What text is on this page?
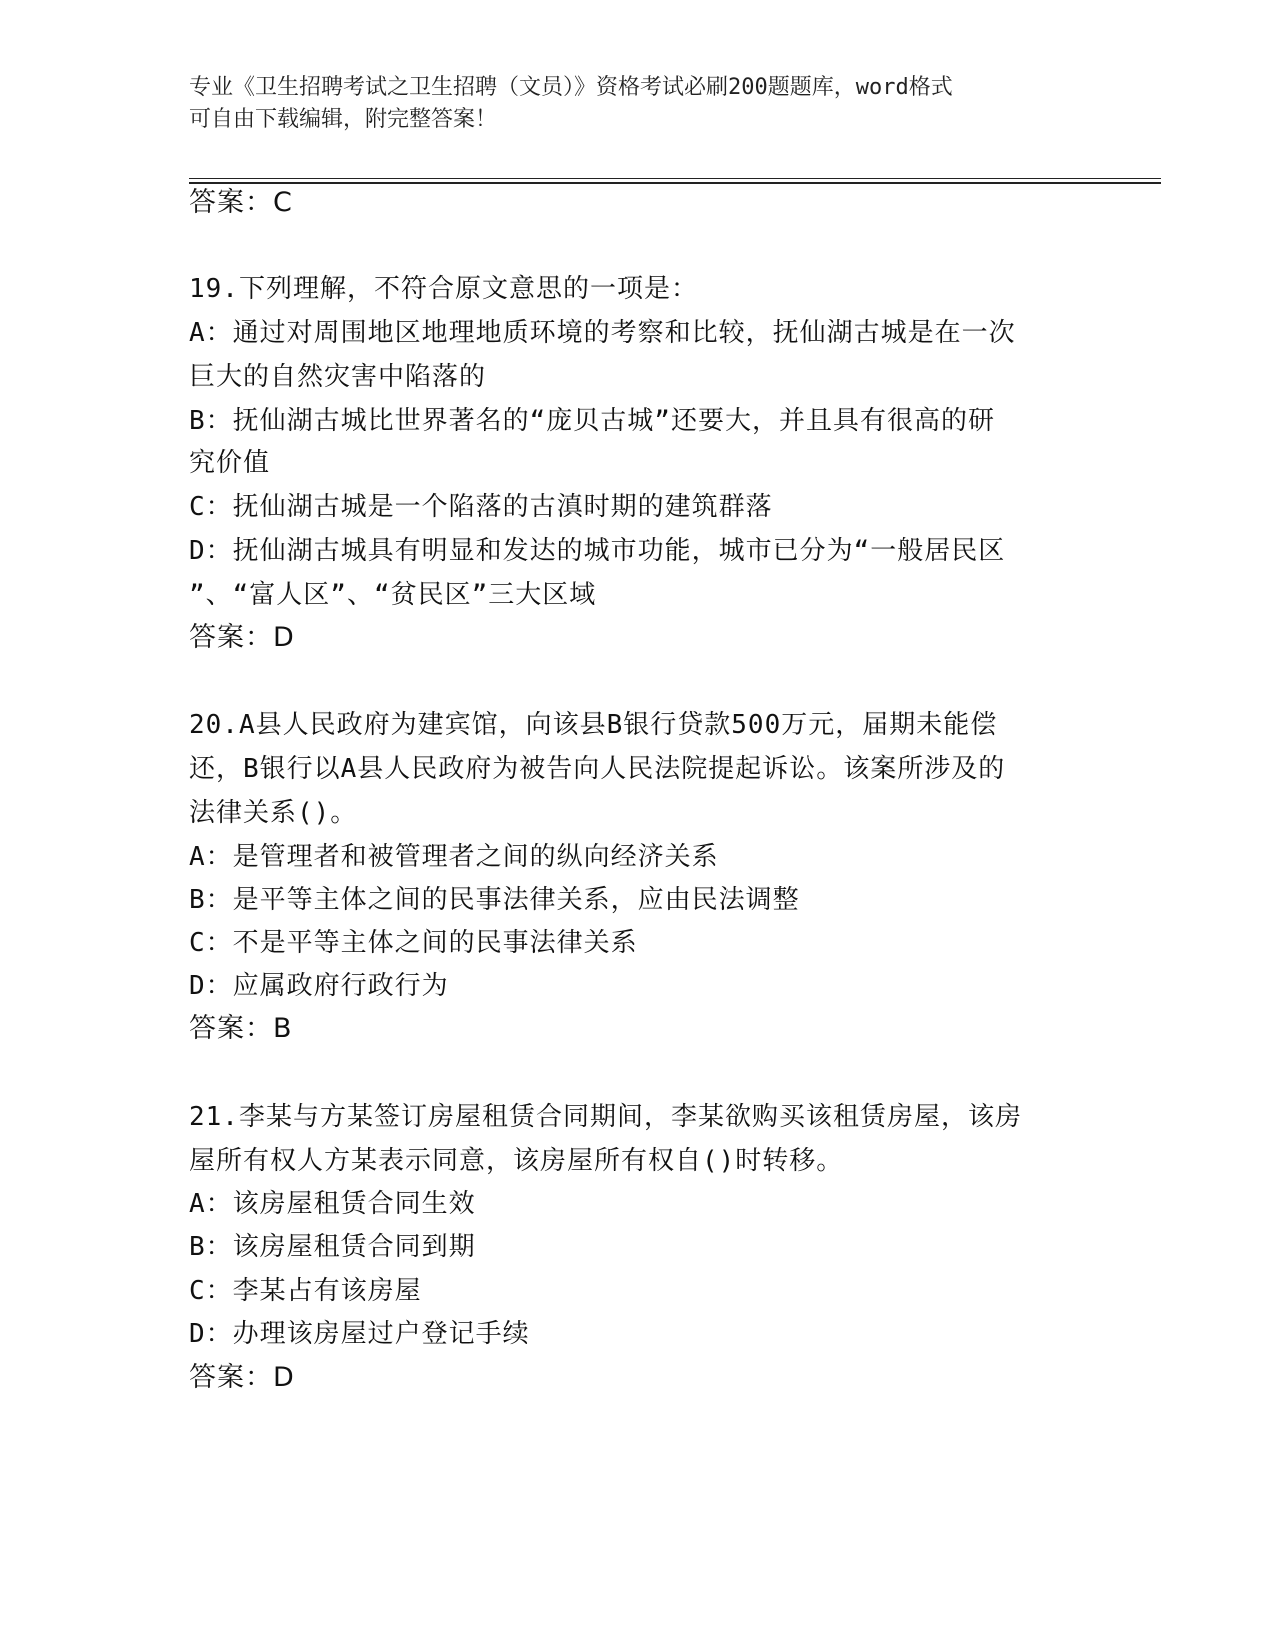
专业《卫生招聘考试之卫生招聘（文员）》资格考试必刷200题题库，word格式
可自由下载编辑，附完整答案！
答案：C
19.下列理解，不符合原文意思的一项是：
A：通过对周围地区地理地质环境的考察和比较，抚仙湖古城是在一次
巨大的自然灾害中陷落的
B：抚仙湖古城比世界著名的“庞贝古城”还要大，并且具有很高的研
究价值
C：抚仙湖古城是一个陷落的古滇时期的建筑群落
D：抚仙湖古城具有明显和发达的城市功能，城市已分为“一般居民区
”、“富人区”、“贫民区”三大区域
答案：D
20.A县人民政府为建宾馆，向该县B银行贷款500万元，届期未能偿
还，B银行以A县人民政府为被告向人民法院提起诉讼。该案所涉及的
法律关系()。
A：是管理者和被管理者之间的纵向经济关系
B：是平等主体之间的民事法律关系，应由民法调整
C：不是平等主体之间的民事法律关系
D：应属政府行政行为
答案：B
21.李某与方某签订房屋租赁合同期间，李某欲购买该租赁房屋，该房
屋所有权人方某表示同意，该房屋所有权自()时转移。
A：该房屋租赁合同生效
B：该房屋租赁合同到期
C：李某占有该房屋
D：办理该房屋过户登记手续
答案：D
